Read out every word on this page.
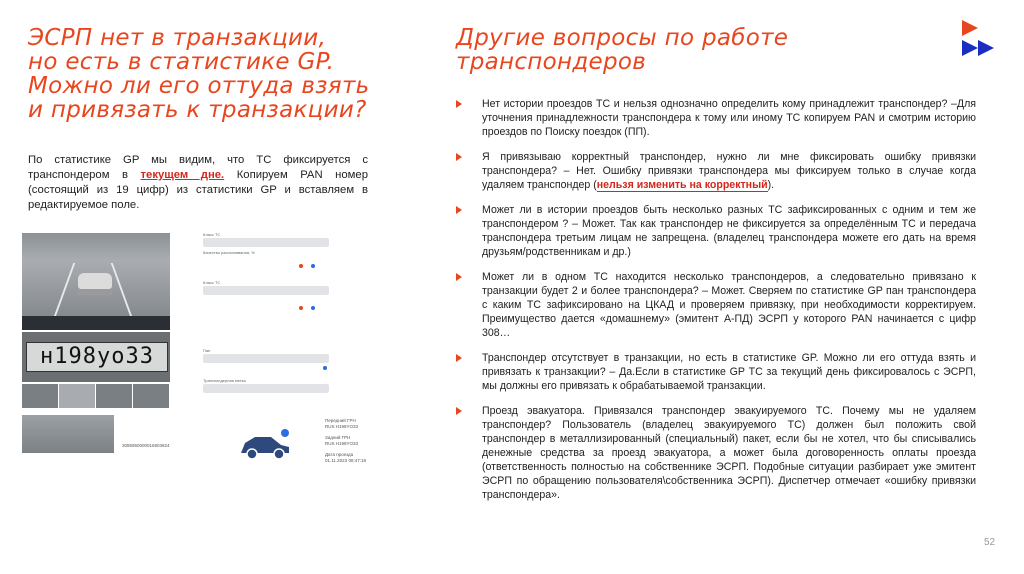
ЭСРП нет в транзакции,
но есть в статистике GP.
Можно ли его оттуда взять
и привязать к транзакции?
Другие вопросы по работе
транспондеров
По статистике GP мы видим, что ТС фиксируется с транспондером в текущем дне. Копируем PAN номер (состоящий из 19 цифр) из статистики GP и вставляем в редактируемое поле.
н198уо33
Класс ТС
Качество распознавания, %
Класс ТС
Пан
Транспондерная метка
3085950000016903824
Передний ГРН
RUS H198YO33
Задний ГРН
RUS H198YO33
Дата проезда
01.11.2023 08:47:18
Нет истории проездов ТС и нельзя однозначно определить кому принадлежит транспондер? –Для уточнения принадлежности транспондера к тому или иному ТС копируем PAN и смотрим историю проездов по Поиску поездок (ПП).
Я привязываю корректный транспондер, нужно ли мне фиксировать ошибку привязки транспондера? – Нет. Ошибку привязки транспондера мы фиксируем только в случае когда удаляем транспондер (нельзя изменить на корректный).
Может ли в истории проездов быть несколько разных ТС зафиксированных с одним и тем же транспондером ? – Может. Так как транспондер не фиксируется за определённым ТС и передача транспондера третьим лицам не запрещена. (владелец транспондера можете его дать на время друзьям/родственникам и др.)
Может ли в одном ТС находится несколько транспондеров, а следовательно привязано к транзакции будет 2 и более транспондера? – Может. Сверяем по статистике GP пан транспондера с каким ТС зафиксировано на ЦКАД и проверяем привязку, при необходимости корректируем. Преимущество дается «домашнему» (эмитент А-ПД) ЭСРП у которого PAN начинается с цифр 308…
Транспондер отсутствует в транзакции, но есть в статистике GP. Можно ли его оттуда взять и привязать к транзакции? – Да.Если в статистике GP ТС за текущий день фиксировалось с ЭСРП, мы должны его привязать к обрабатываемой транзакции.
Проезд эвакуатора. Привязался транспондер эвакуируемого ТС. Почему мы не удаляем транспондер? Пользователь (владелец эвакуируемого ТС) должен был положить свой транспондер в металлизированный (специальный) пакет, если бы не хотел, что бы списывались денежные средства за проезд эвакуатора, а может была договоренность оплаты проезда (ответственность полностью на собственнике ЭСРП. Подобные ситуации разбирает уже эмитент ЭСРП по обращению пользователя\собственника ЭСРП). Диспетчер отмечает «ошибку привязки транспондера».
52
